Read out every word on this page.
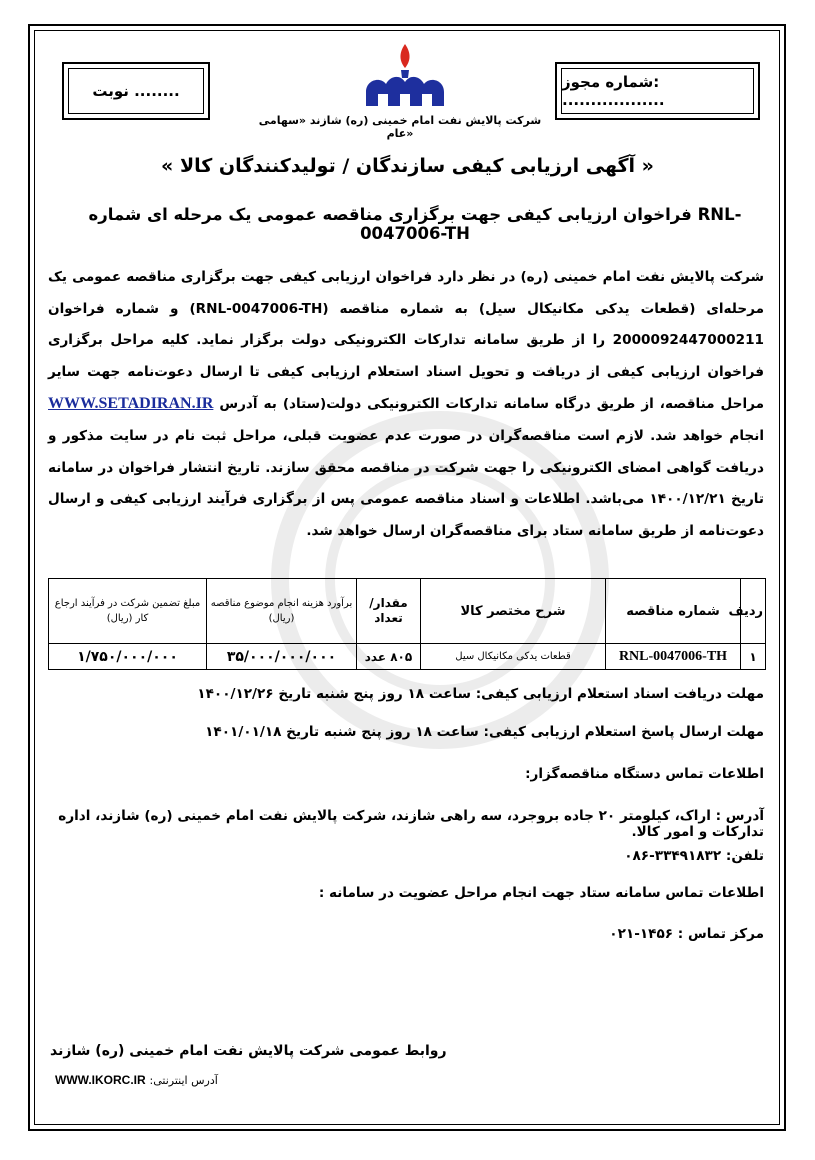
نوبت ........	شماره مجوز: ..................
شرکت پالایش نفت امام خمینی (ره) شازند «سهامی عام»
« آگهی ارزیابی کیفی سازندگان / تولیدکنندگان کالا »
فراخوان ارزیابی کیفی جهت برگزاری مناقصه عمومی یک مرحله ای شماره RNL-0047006-TH
شرکت پالایش نفت امام خمینی (ره) در نظر دارد فراخوان ارزیابی کیفی جهت برگزاری مناقصه عمومی یک مرحله‌ای (قطعات یدکی مکانیکال سیل) به شماره مناقصه (RNL-0047006-TH) و شماره فراخوان 2000092447000211 را از طریق سامانه تدارکات الکترونیکی دولت برگزار نماید. کلیه مراحل برگزاری فراخوان ارزیابی کیفی از دریافت و تحویل اسناد استعلام ارزیابی کیفی تا ارسال دعوت‌نامه جهت سایر مراحل مناقصه، از طریق درگاه سامانه تدارکات الکترونیکی دولت(ستاد) به آدرس WWW.SETADIRAN.IR انجام خواهد شد. لازم است مناقصه‌گران در صورت عدم عضویت قبلی، مراحل ثبت نام در سایت مذکور و دریافت گواهی امضای الکترونیکی را جهت شرکت در مناقصه محقق سازند. تاریخ انتشار فراخوان در سامانه تاریخ ۱۴۰۰/۱۲/۲۱ می‌باشد. اطلاعات و اسناد مناقصه عمومی پس از برگزاری فرآیند ارزیابی کیفی و ارسال دعوت‌نامه از طریق سامانه ستاد برای مناقصه‌گران ارسال خواهد شد.
ردیف	شماره مناقصه	شرح مختصر کالا	مقدار/ تعداد	برآورد هزینه انجام موضوع مناقصه (ریال)	مبلغ تضمین شرکت در فرآیند ارجاع کار (ریال)
۱	RNL-0047006-TH	قطعات یدکی مکانیکال سیل	۸۰۵ عدد	۳۵/۰۰۰/۰۰۰/۰۰۰	۱/۷۵۰/۰۰۰/۰۰۰
مهلت دریافت اسناد استعلام ارزیابی کیفی: ساعت ۱۸ روز پنج شنبه تاریخ ۱۴۰۰/۱۲/۲۶
مهلت ارسال پاسخ استعلام ارزیابی کیفی: ساعت ۱۸ روز پنج شنبه تاریخ ۱۴۰۱/۰۱/۱۸
اطلاعات تماس دستگاه مناقصه‌گزار:
آدرس : اراک، کیلومتر ۲۰ جاده بروجرد، سه راهی شازند، شرکت پالایش نفت امام خمینی (ره) شازند، اداره تدارکات و امور کالا.
تلفن: ۳۳۴۹۱۸۳۲-۰۸۶
اطلاعات تماس سامانه ستاد جهت انجام مراحل عضویت در سامانه :
مرکز تماس : ۱۴۵۶-۰۲۱
روابط عمومی شرکت پالایش نفت امام خمینی (ره) شازند
آدرس اینترنتی: WWW.IKORC.IR
